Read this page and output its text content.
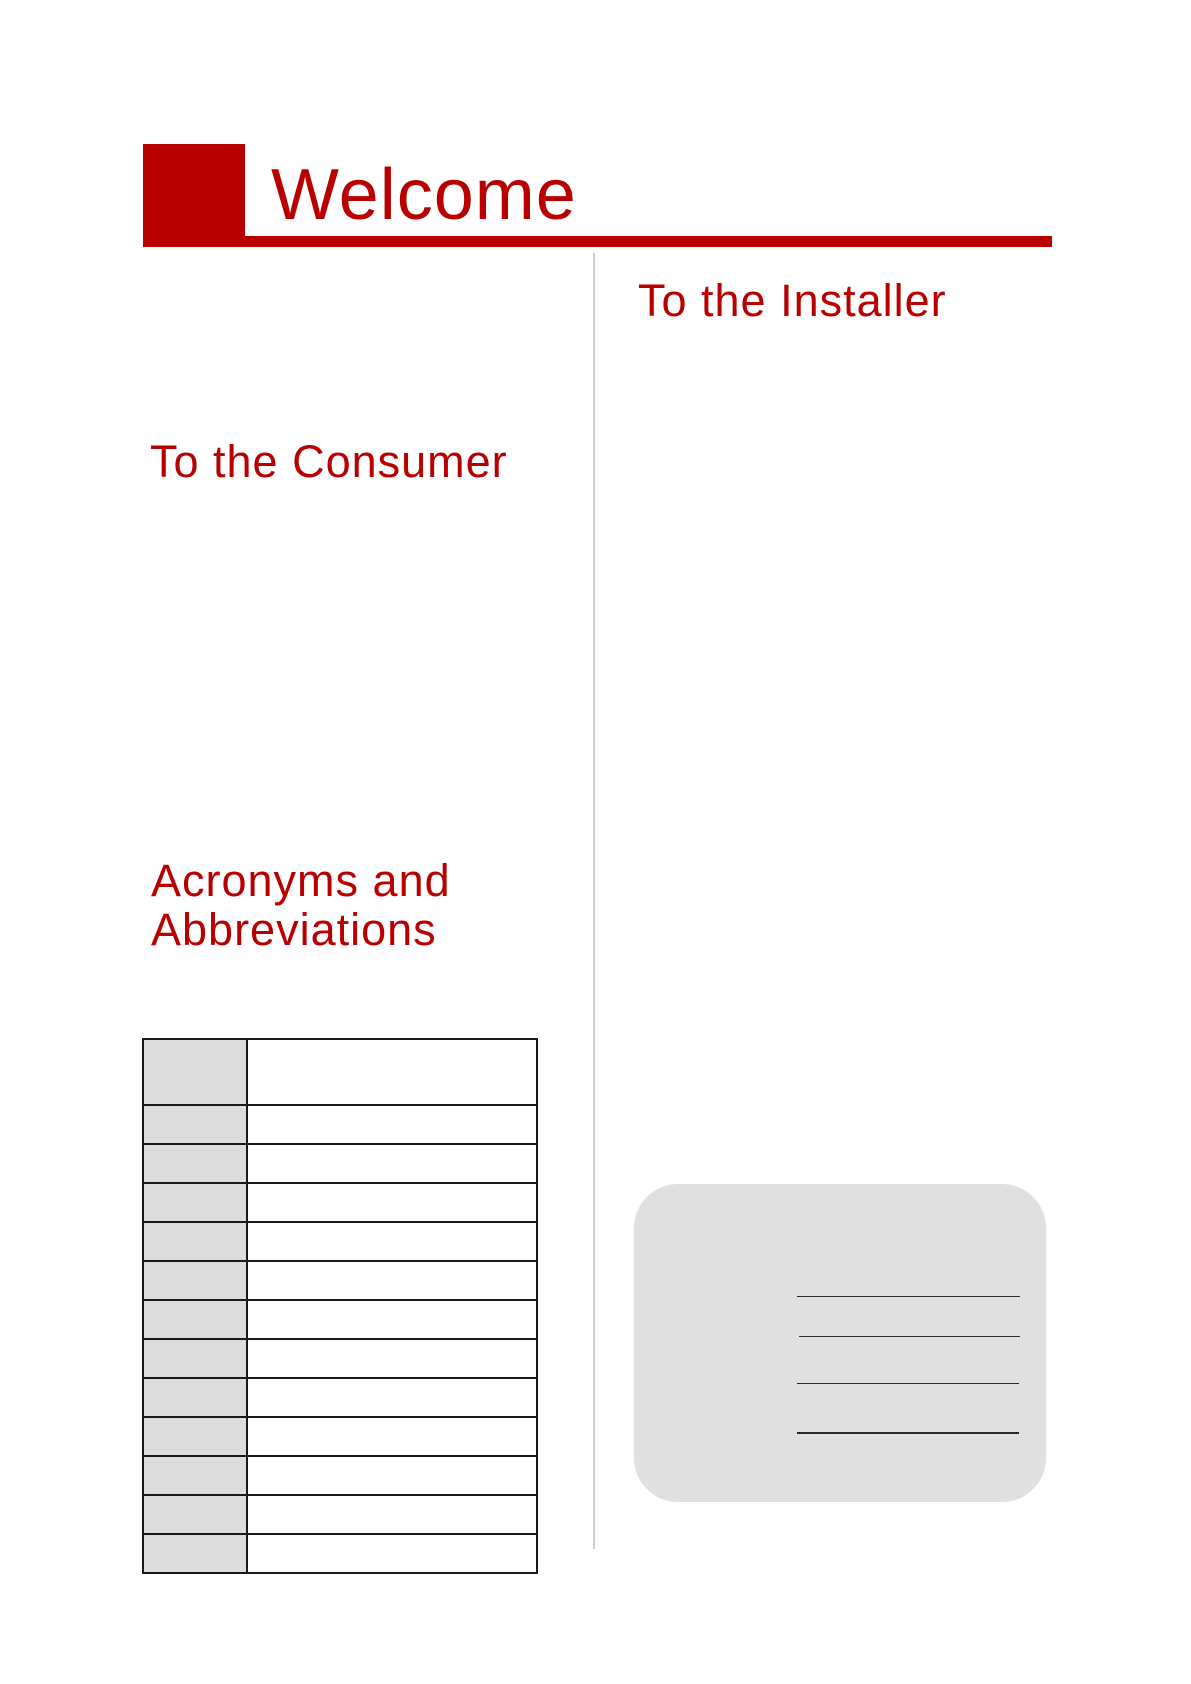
Welcome
To the Installer
To the Consumer
Acronyms and
Abbreviations
